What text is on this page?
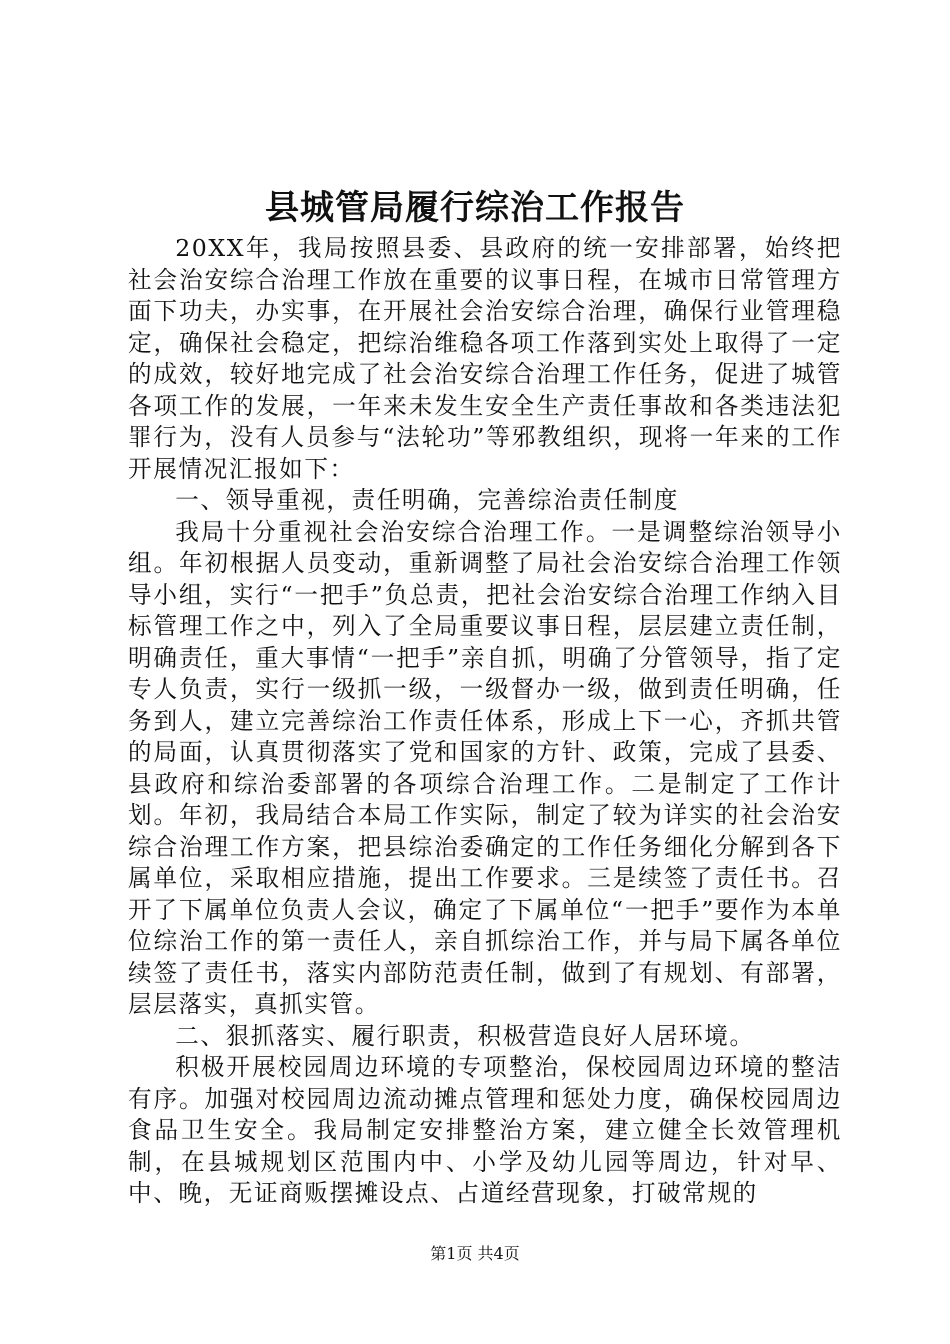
县城管局履行综治工作报告

20XX年，我局按照县委、县政府的统一安排部署，始终把社会治安综合治理工作放在重要的议事日程，在城市日常管理方面下功夫，办实事，在开展社会治安综合治理，确保行业管理稳定，确保社会稳定，把综治维稳各项工作落到实处上取得了一定的成效，较好地完成了社会治安综合治理工作任务，促进了城管各项工作的发展，一年来未发生安全生产责任事故和各类违法犯罪行为，没有人员参与“法轮功”等邪教组织，现将一年来的工作开展情况汇报如下：

一、领导重视，责任明确，完善综治责任制度

我局十分重视社会治安综合治理工作。一是调整综治领导小组。年初根据人员变动，重新调整了局社会治安综合治理工作领导小组，实行“一把手”负总责，把社会治安综合治理工作纳入目标管理工作之中，列入了全局重要议事日程，层层建立责任制，明确责任，重大事情“一把手”亲自抓，明确了分管领导，指了定专人负责，实行一级抓一级，一级督办一级，做到责任明确，任务到人，建立完善综治工作责任体系，形成上下一心，齐抓共管的局面，认真贯彻落实了党和国家的方针、政策，完成了县委、县政府和综治委部署的各项综合治理工作。二是制定了工作计划。年初，我局结合本局工作实际，制定了较为详实的社会治安综合治理工作方案，把县综治委确定的工作任务细化分解到各下属单位，采取相应措施，提出工作要求。三是续签了责任书。召开了下属单位负责人会议，确定了下属单位“一把手”要作为本单位综治工作的第一责任人，亲自抓综治工作，并与局下属各单位续签了责任书，落实内部防范责任制，做到了有规划、有部署，层层落实，真抓实管。

二、狠抓落实、履行职责，积极营造良好人居环境。

积极开展校园周边环境的专项整治，保校园周边环境的整洁有序。加强对校园周边流动摊点管理和惩处力度，确保校园周边食品卫生安全。我局制定安排整治方案，建立健全长效管理机制，在县城规划区范围内中、小学及幼儿园等周边，针对早、中、晚，无证商贩摆摊设点、占道经营现象，打破常规的

第1页 共4页
